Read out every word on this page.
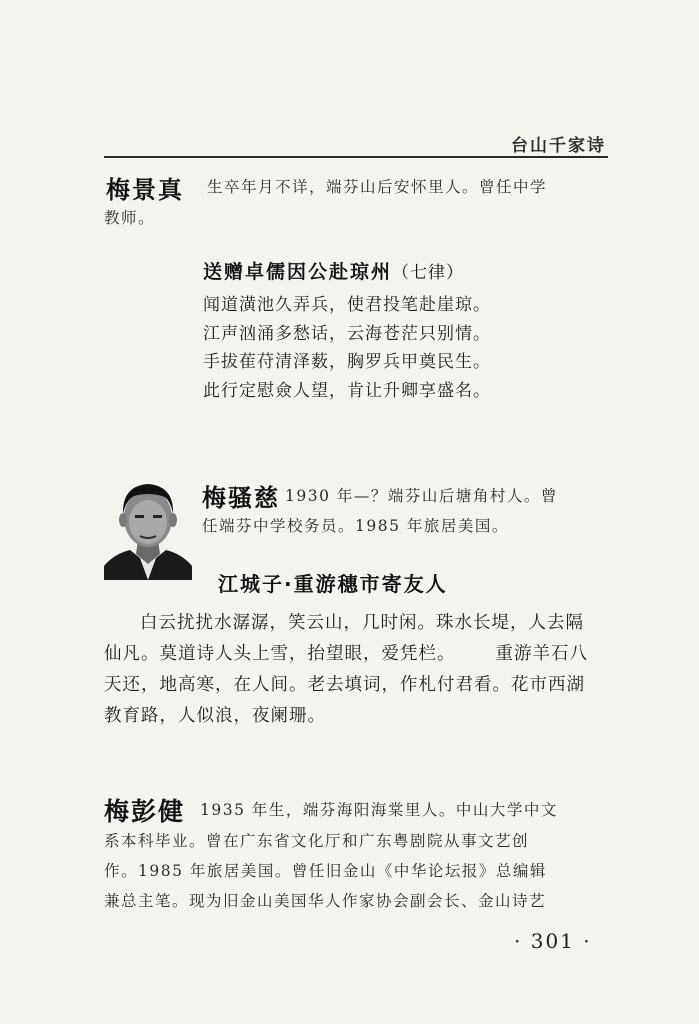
台山千家诗
梅景真 生卒年月不详，端芬山后安怀里人。曾任中学
教师。
送赠卓儒因公赴琼州（七律）
闻道潢池久弄兵，使君投笔赴崖琼。
江声汹涌多愁话，云海苍茫只别情。
手拔萑苻清泽薮，胸罗兵甲奠民生。
此行定慰僉人望，肯让升卿享盛名。
梅骚慈 1930 年—？端芬山后塘角村人。曾
任端芬中学校务员。1985 年旅居美国。
江城子·重游穗市寄友人
白云扰扰水潺潺，笑云山，几时闲。珠水长堤，人去隔
仙凡。莫道诗人头上雪，抬望眼，爱凭栏。 重游羊石八
天还，地高寒，在人间。老去填词，作札付君看。花市西湖
教育路，人似浪，夜阑珊。
梅彭健 1935 年生，端芬海阳海棠里人。中山大学中文
系本科毕业。曾在广东省文化厅和广东粤剧院从事文艺创
作。1985 年旅居美国。曾任旧金山《中华论坛报》总编辑
兼总主笔。现为旧金山美国华人作家协会副会长、金山诗艺
· 301 ·
